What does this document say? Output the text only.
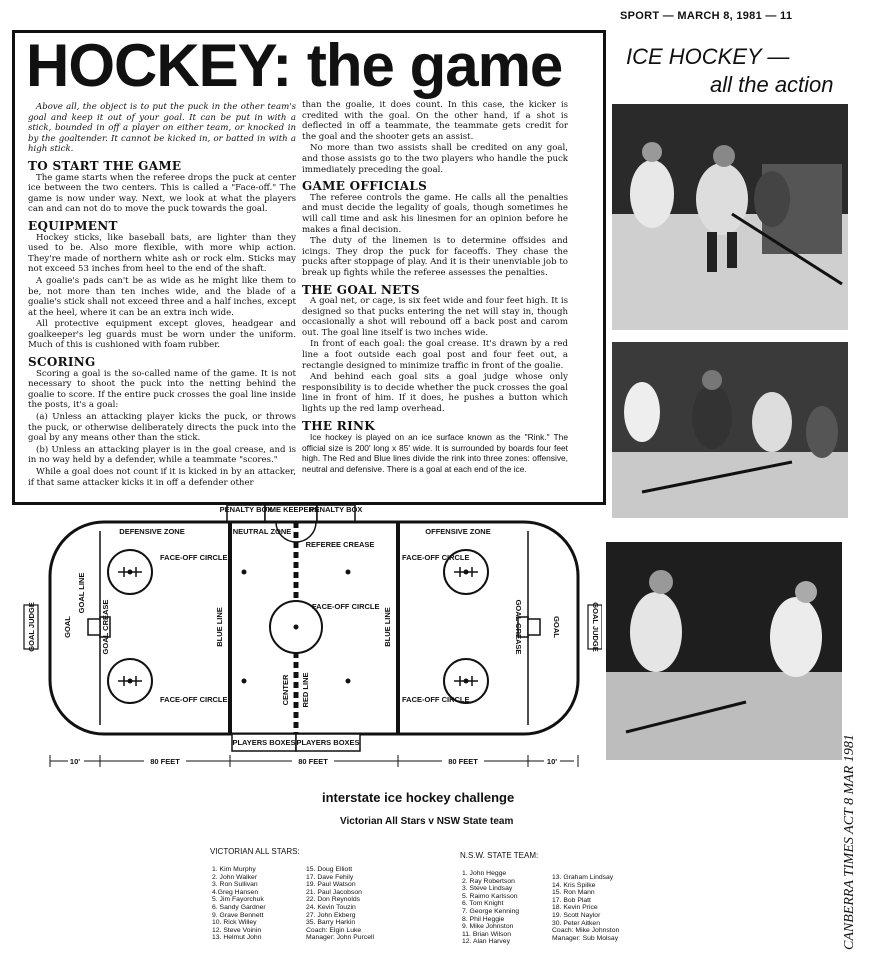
SPORT — MARCH 8, 1981 — 11
HOCKEY: the game

Above all, the object is to put the puck in the other team's goal and keep it out of your goal. It can be put in with a stick, bounded in off a player on either team, or knocked in by the goaltender. It cannot be kicked in, or batted in with a high stick.

TO START THE GAME

The game starts when the referee drops the puck at center ice between the two centers. This is called a "Face-off." The game is now under way. Next, we look at what the players can and can not do to move the puck towards the goal.

EQUIPMENT

Hockey sticks, like baseball bats, are lighter than they used to be. Also more flexible, with more whip action. They're made of northern white ash or rock elm. Sticks may not exceed 53 inches from heel to the end of the shaft.

A goalie's pads can't be as wide as he might like them to be, not more than ten inches wide, and the blade of a goalie's stick shall not exceed three and a half inches, except at the heel, where it can be an extra inch wide.

All protective equipment except gloves, headgear and goalkeeper's leg guards must be worn under the uniform. Much of this is cushioned with foam rubber.

SCORING

Scoring a goal is the so-called name of the game. It is not necessary to shoot the puck into the netting behind the goalie to score. If the entire puck crosses the goal line inside the posts, it's a goal:

(a) Unless an attacking player kicks the puck, or throws the puck, or otherwise deliberately directs the puck into the goal by any means other than the stick.

(b) Unless an attacking player is in the goal crease, and is in no way held by a defender, while a teammate "scores."

While a goal does not count if it is kicked in by an attacker, if that same attacker kicks it in off a defender other

than the goalie, it does count. In this case, the kicker is credited with the goal. On the other hand, if a shot is deflected in off a teammate, the teammate gets credit for the goal and the shooter gets an assist.

No more than two assists shall be credited on any goal, and those assists go to the two players who handle the puck immediately preceding the goal.

GAME OFFICIALS

The referee controls the game. He calls all the penalties and must decide the legality of goals, though sometimes he will call time and ask his linesmen for an opinion before he makes a final decision.

The duty of the linemen is to determine offsides and icings. They drop the puck for faceoffs. They chase the pucks after stoppage of play. And it is their unenviable job to break up fights while the referee assesses the penalties.

THE GOAL NETS

A goal net, or cage, is six feet wide and four feet high. It is designed so that pucks entering the net will stay in, though occasionally a shot will rebound off a back post and carom out. The goal line itself is two inches wide.

In front of each goal: the goal crease. It's drawn by a red line a foot outside each goal post and four feet out, a rectangle designed to minimize traffic in front of the goalie.

And behind each goal sits a goal judge whose only responsibility is to decide whether the puck crosses the goal line in front of him. If it does, he pushes a button which lights up the red lamp overhead.

THE RINK

Ice hockey is played on an ice surface known as the "Rink." The official size is 200' long x 85' wide. It is surrounded by boards four feet high. The Red and Blue lines divide the rink into three zones: offensive, neutral and defensive. There is a goal at each end of the ice.

ICE HOCKEY —
all the action
PENALTY BOX
TIME KEEPERS
PENALTY BOX
DEFENSIVE ZONE	OFFENSIVE ZONE
NEUTRAL ZONE
REFEREE CREASE
FACE-OFF CIRCLE
FACE-OFF CIRCLE
FACE-OFF CIRCLE
FACE-OFF CIRCLE
FACE-OFF CIRCLE
GOAL LINE
GOAL CREASE
GOAL
GOAL JUDGE	BLUE LINE	BLUE LINE
CENTER RED LINE
GOAL CREASE	GOAL	GOAL JUDGE
PLAYERS BOXES PLAYERS BOXES
10'	80 FEET	80 FEET	80 FEET	10'
interstate ice hockey challenge
Victorian All Stars v NSW State team
VICTORIAN ALL STARS:
1. Kim Murphy
2. John Walker
3. Ron Sullivan
4.Greg Hansen
5. Jim Fayorchuk
6. Sandy Gardner
9. Grave Bennett
10. Rick Willey
12. Steve Voinin
13. Helmut John
15. Doug Elliott
17. Dave Fehily
19. Paul Watson
21. Paul Jacobson
22. Don Reynolds
24. Kevin Touzin
27. John Ekberg
35. Barry Harkin
Coach: Elgin Luke
Manager: John Purcell
N.S.W. STATE TEAM:
1. John Hegge
2. Ray Robertson
3. Steve Lindsay
5. Raimo Karlsson
6. Tom Knight
7. George Kenning
8. Phil Heggie
9. Mike Johnston
11. Brian Wilson
12. Alan Harvey
13. Graham Lindsay
14. Kris Spilke
15. Ron Mann
17. Bob Platt
18. Kevin Price
19. Scott Naylor
30. Peter Aitken
Coach: Mike Johnston
Manager: Sub Molsay	CANBERRA TIMES ACT 8 MAR 1981
